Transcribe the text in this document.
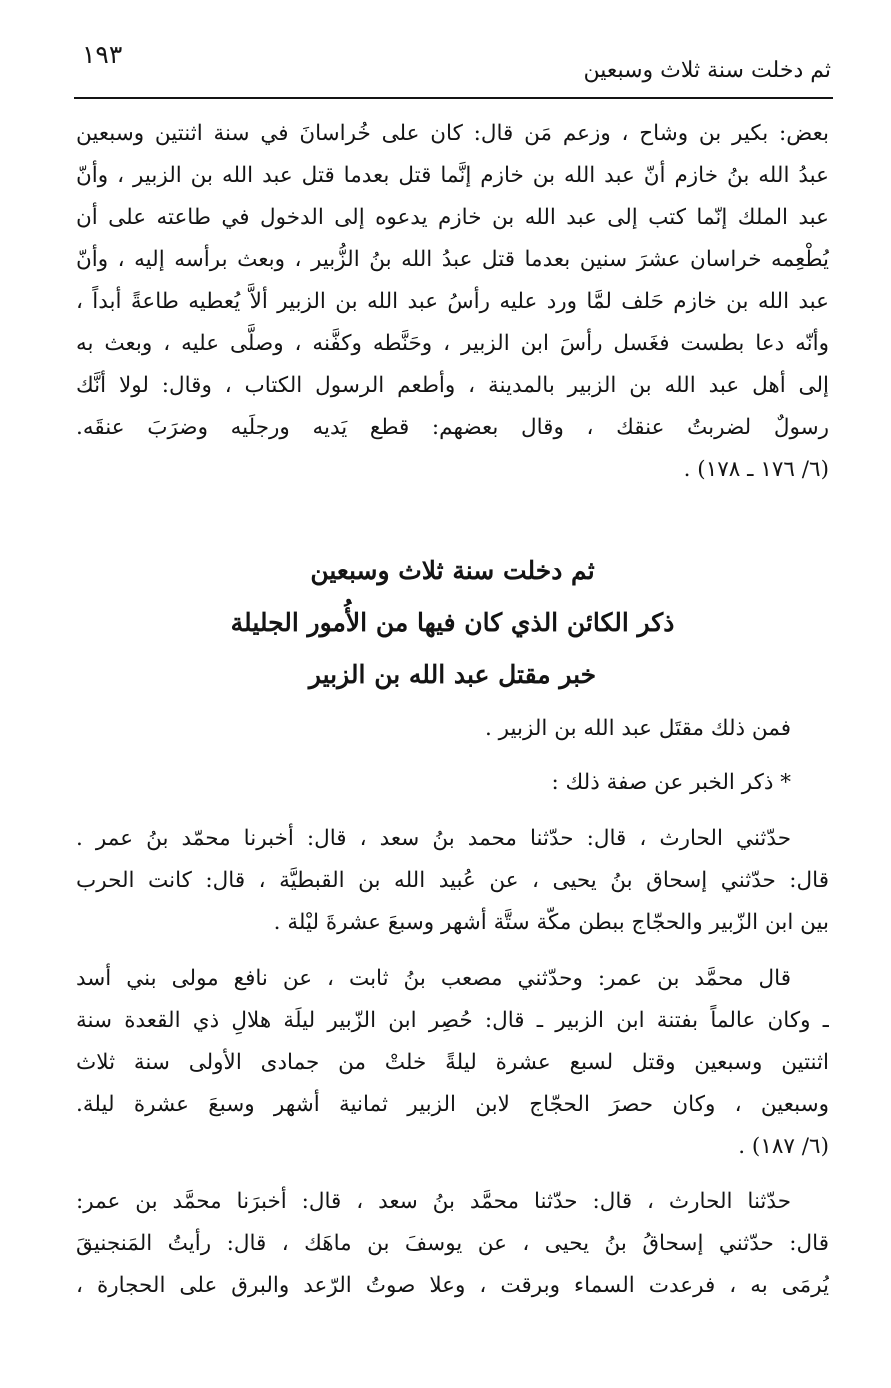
ثم دخلت سنة ثلاث وسبعين
١٩٣
بعض: بكير بن وشاح ، وزعم مَن قال: كان على خُراسانَ في سنة اثنتين وسبعين
عبدُ الله بنُ خازم أنّ عبد الله بن خازم إنَّما قتل بعدما قتل عبد الله بن الزبير ، وأنّ
عبد الملك إنّما كتب إلى عبد الله بن خازم يدعوه إلى الدخول في طاعته على أن
يُطْعِمه خراسان عشرَ سنين بعدما قتل عبدُ الله بنُ الزُّبير ، وبعث برأسه إليه ، وأنّ
عبد الله بن خازم حَلف لمَّا ورد عليه رأسُ عبد الله بن الزبير ألاَّ يُعطيه طاعةً أبداً ،
وأنّه دعا بطست فغَسل رأسَ ابن الزبير ، وحَنَّطه وكفَّنه ، وصلَّى عليه ، وبعث به
إلى أهل عبد الله بن الزبير بالمدينة ، وأطعم الرسول الكتاب ، وقال: لولا أنَّك
رسولٌ لضربتُ عنقك ، وقال بعضهم: قطع يَديه ورجلَيه وضرَبَ عنقَه.
(٦/ ١٧٦ ـ ١٧٨) .
ثم دخلت سنة ثلاث وسبعين
ذكر الكائن الذي كان فيها من الأُمور الجليلة
خبر مقتل عبد الله بن الزبير
فمن ذلك مقتَل عبد الله بن الزبير .
* ذكر الخبر عن صفة ذلك :
حدّثني الحارث ، قال: حدّثنا محمد بنُ سعد ، قال: أخبرنا محمّد بنُ عمر .
قال: حدّثني إسحاق بنُ يحيى ، عن عُبيد الله بن القبطيَّة ، قال: كانت الحرب
بين ابن الزّبير والحجّاج ببطن مكّة ستَّة أشهر وسبعَ عشرةَ ليْلة .
قال محمَّد بن عمر: وحدّثني مصعب بنُ ثابت ، عن نافع مولى بني أسد
ـ وكان عالماً بفتنة ابن الزبير ـ قال: حُصِر ابن الزّبير ليلَة هلالِ ذي القعدة سنة
اثنتين وسبعين وقتل لسبع عشرة ليلةً خلتْ من جمادى الأولى سنة ثلاث
وسبعين ، وكان حصرَ الحجّاج لابن الزبير ثمانية أشهر وسبعَ عشرة ليلة.
(٦/ ١٨٧) .
حدّثنا الحارث ، قال: حدّثنا محمَّد بنُ سعد ، قال: أخبرَنا محمَّد بن عمر:
قال: حدّثني إسحاقُ بنُ يحيى ، عن يوسفَ بن ماهَك ، قال: رأيتُ المَنجنيقَ
يُرمَى به ، فرعدت السماء وبرقت ، وعلا صوتُ الرّعد والبرق على الحجارة ،
